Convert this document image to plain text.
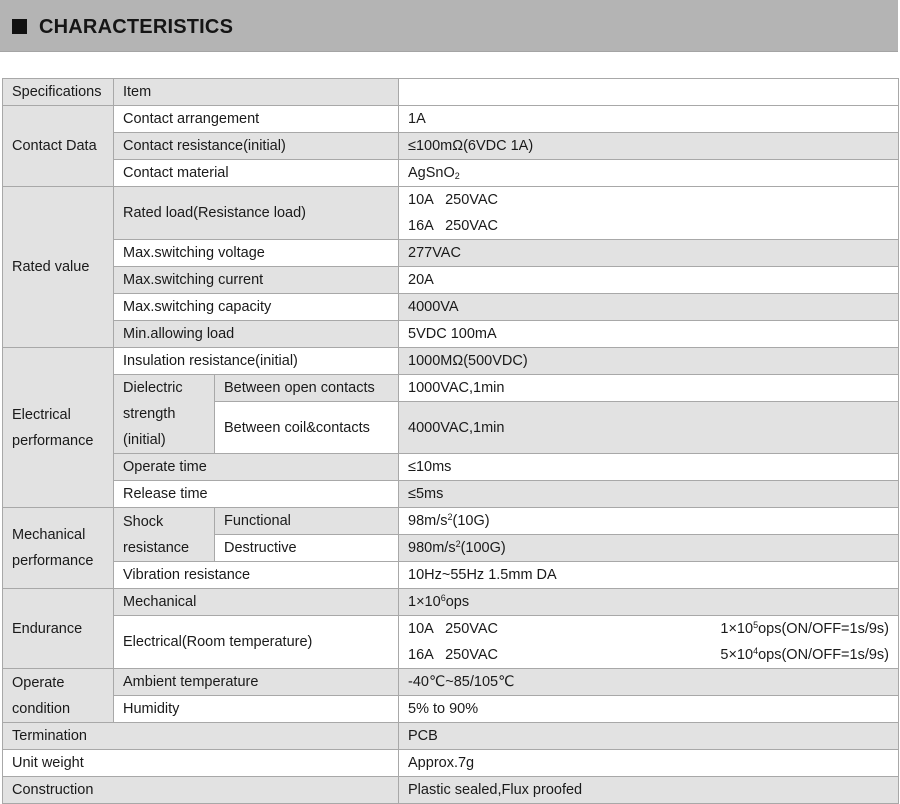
CHARACTERISTICS
Specifications	Item		
Contact Data	Contact arrangement		1A
	Contact resistance(initial)		≤100mΩ(6VDC 1A)
	Contact material		AgSnO$_2$
Rated value	Rated load(Resistance load)		10A   250VAC
16A   250VAC

	Max.switching voltage		277VAC
	Max.switching current		20A
	Max.switching capacity		4000VA
	Min.allowing load		5VDC 100mA

Electrical
performance	Insulation resistance(initial)		1000MΩ(500VDC)

	Dielectric
strength
(initial)	Between open contacts	1000VAC,1min
		Between coil&contacts	4000VAC,1min

	Operate time		≤10ms
	Release time		≤5ms

Mechanical
performance	Shock
resistance	Functional	$98m/s^2(10G)$
		Destructive	$980m/s^2(100G)$
	Vibration resistance		10Hz~55Hz 1.5mm DA
Endurance	Mechanical		$1\times 10^6ops$
	Electrical(Room temperature)		10A   250VAC $1\times 10^5ops(ON/OFF=1s/9s)$
16A   250VAC $5\times 10^4ops(ON/OFF=1s/9s)$

Operate
condition	Ambient temperature		-40℃~85/105℃
	Humidity		5% to 90%
Termination			PCB
Unit weight			Approx.7g
Construction			Plastic sealed,Flux proofed
